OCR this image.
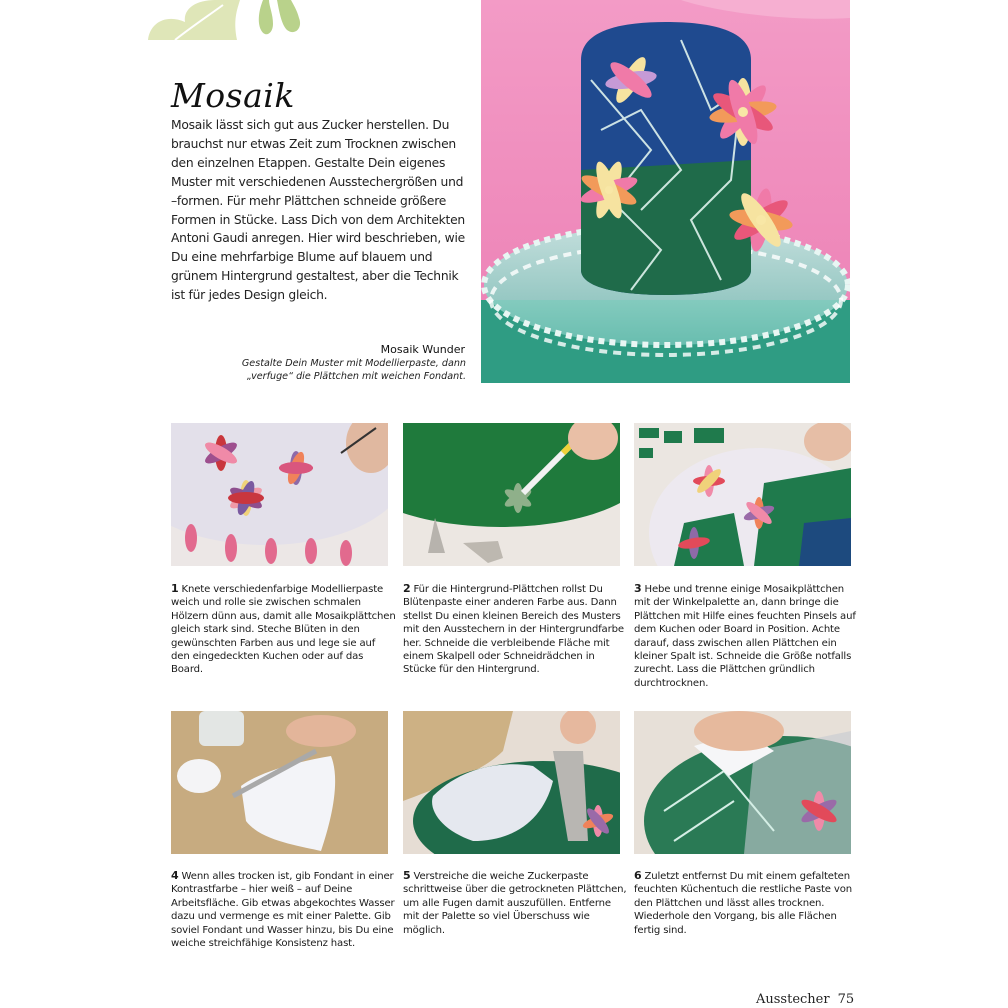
Mosaik
Mosaik lässt sich gut aus Zucker herstellen. Du brauchst nur etwas Zeit zum Trocknen zwischen den einzelnen Etappen. Gestalte Dein eigenes Muster mit verschiedenen Ausstechergrößen und –formen. Für mehr Plättchen schneide größere Formen in Stücke. Lass Dich von dem Architekten Antoni Gaudi anregen. Hier wird beschrieben, wie Du eine mehrfarbige Blume auf blauem und grünem Hintergrund gestaltest, aber die Technik ist für jedes Design gleich.
Mosaik Wunder
Gestalte Dein Muster mit Modellierpaste, dann „verfuge“ die Plättchen mit weichen Fondant.
1 Knete verschiedenfarbige Modellierpaste weich und rolle sie zwischen schmalen Hölzern dünn aus, damit alle Mosaikplättchen gleich stark sind. Steche Blüten in den gewünschten Farben aus und lege sie auf den eingedeckten Kuchen oder auf das Board.
2 Für die Hintergrund-Plättchen rollst Du Blütenpaste einer anderen Farbe aus. Dann stellst Du einen kleinen Bereich des Musters mit den Ausstechern in der Hintergrundfarbe her. Schneide die verbleibende Fläche mit einem Skalpell oder Schneidrädchen in Stücke für den Hintergrund.
3 Hebe und trenne einige Mosaikplättchen mit der Winkelpalette an, dann bringe die Plättchen mit Hilfe eines feuchten Pinsels auf dem Kuchen oder Board in Position. Achte darauf, dass zwischen allen Plättchen ein kleiner Spalt ist. Schneide die Größe notfalls zurecht. Lass die Plättchen gründlich durchtrocknen.
4 Wenn alles trocken ist, gib Fondant in einer Kontrastfarbe – hier weiß – auf Deine Arbeitsfläche. Gib etwas abgekochtes Wasser dazu und vermenge es mit einer Palette. Gib soviel Fondant und Wasser hinzu, bis Du eine weiche streichfähige Konsistenz hast.
5 Verstreiche die weiche Zuckerpaste schrittweise über die getrockneten Plättchen, um alle Fugen damit auszufüllen. Entferne mit der Palette so viel Überschuss wie möglich.
6 Zuletzt entfernst Du mit einem gefalteten feuchten Küchentuch die restliche Paste von den Plättchen und lässt alles trocknen. Wiederhole den Vorgang, bis alle Flächen fertig sind.
Ausstecher 75
